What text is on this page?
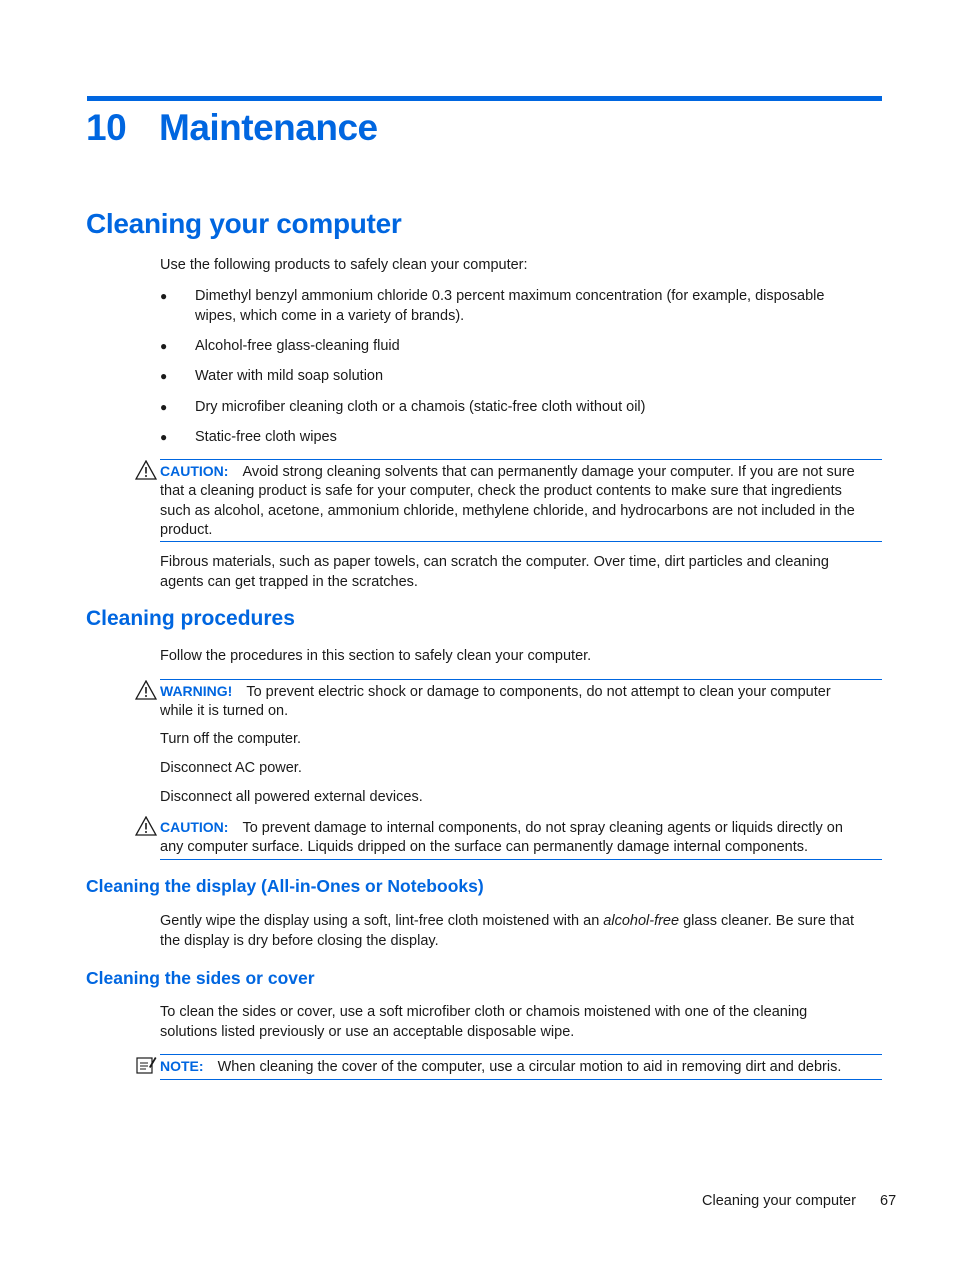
10 Maintenance
Cleaning your computer
Use the following products to safely clean your computer:
● Dimethyl benzyl ammonium chloride 0.3 percent maximum concentration (for example, disposable
wipes, which come in a variety of brands).
● Alcohol-free glass-cleaning fluid
● Water with mild soap solution
● Dry microfiber cleaning cloth or a chamois (static-free cloth without oil)
● Static-free cloth wipes
CAUTION: Avoid strong cleaning solvents that can permanently damage your computer. If you are not sure
that a cleaning product is safe for your computer, check the product contents to make sure that ingredients
such as alcohol, acetone, ammonium chloride, methylene chloride, and hydrocarbons are not included in the
product.
Fibrous materials, such as paper towels, can scratch the computer. Over time, dirt particles and cleaning
agents can get trapped in the scratches.
Cleaning procedures
Follow the procedures in this section to safely clean your computer.
WARNING! To prevent electric shock or damage to components, do not attempt to clean your computer
while it is turned on.
Turn off the computer.
Disconnect AC power.
Disconnect all powered external devices.
CAUTION: To prevent damage to internal components, do not spray cleaning agents or liquids directly on
any computer surface. Liquids dripped on the surface can permanently damage internal components.
Cleaning the display (All-in-Ones or Notebooks)
Gently wipe the display using a soft, lint-free cloth moistened with an alcohol-free glass cleaner. Be sure that
the display is dry before closing the display.
Cleaning the sides or cover
To clean the sides or cover, use a soft microfiber cloth or chamois moistened with one of the cleaning
solutions listed previously or use an acceptable disposable wipe.
NOTE: When cleaning the cover of the computer, use a circular motion to aid in removing dirt and debris.
Cleaning your computer 67
